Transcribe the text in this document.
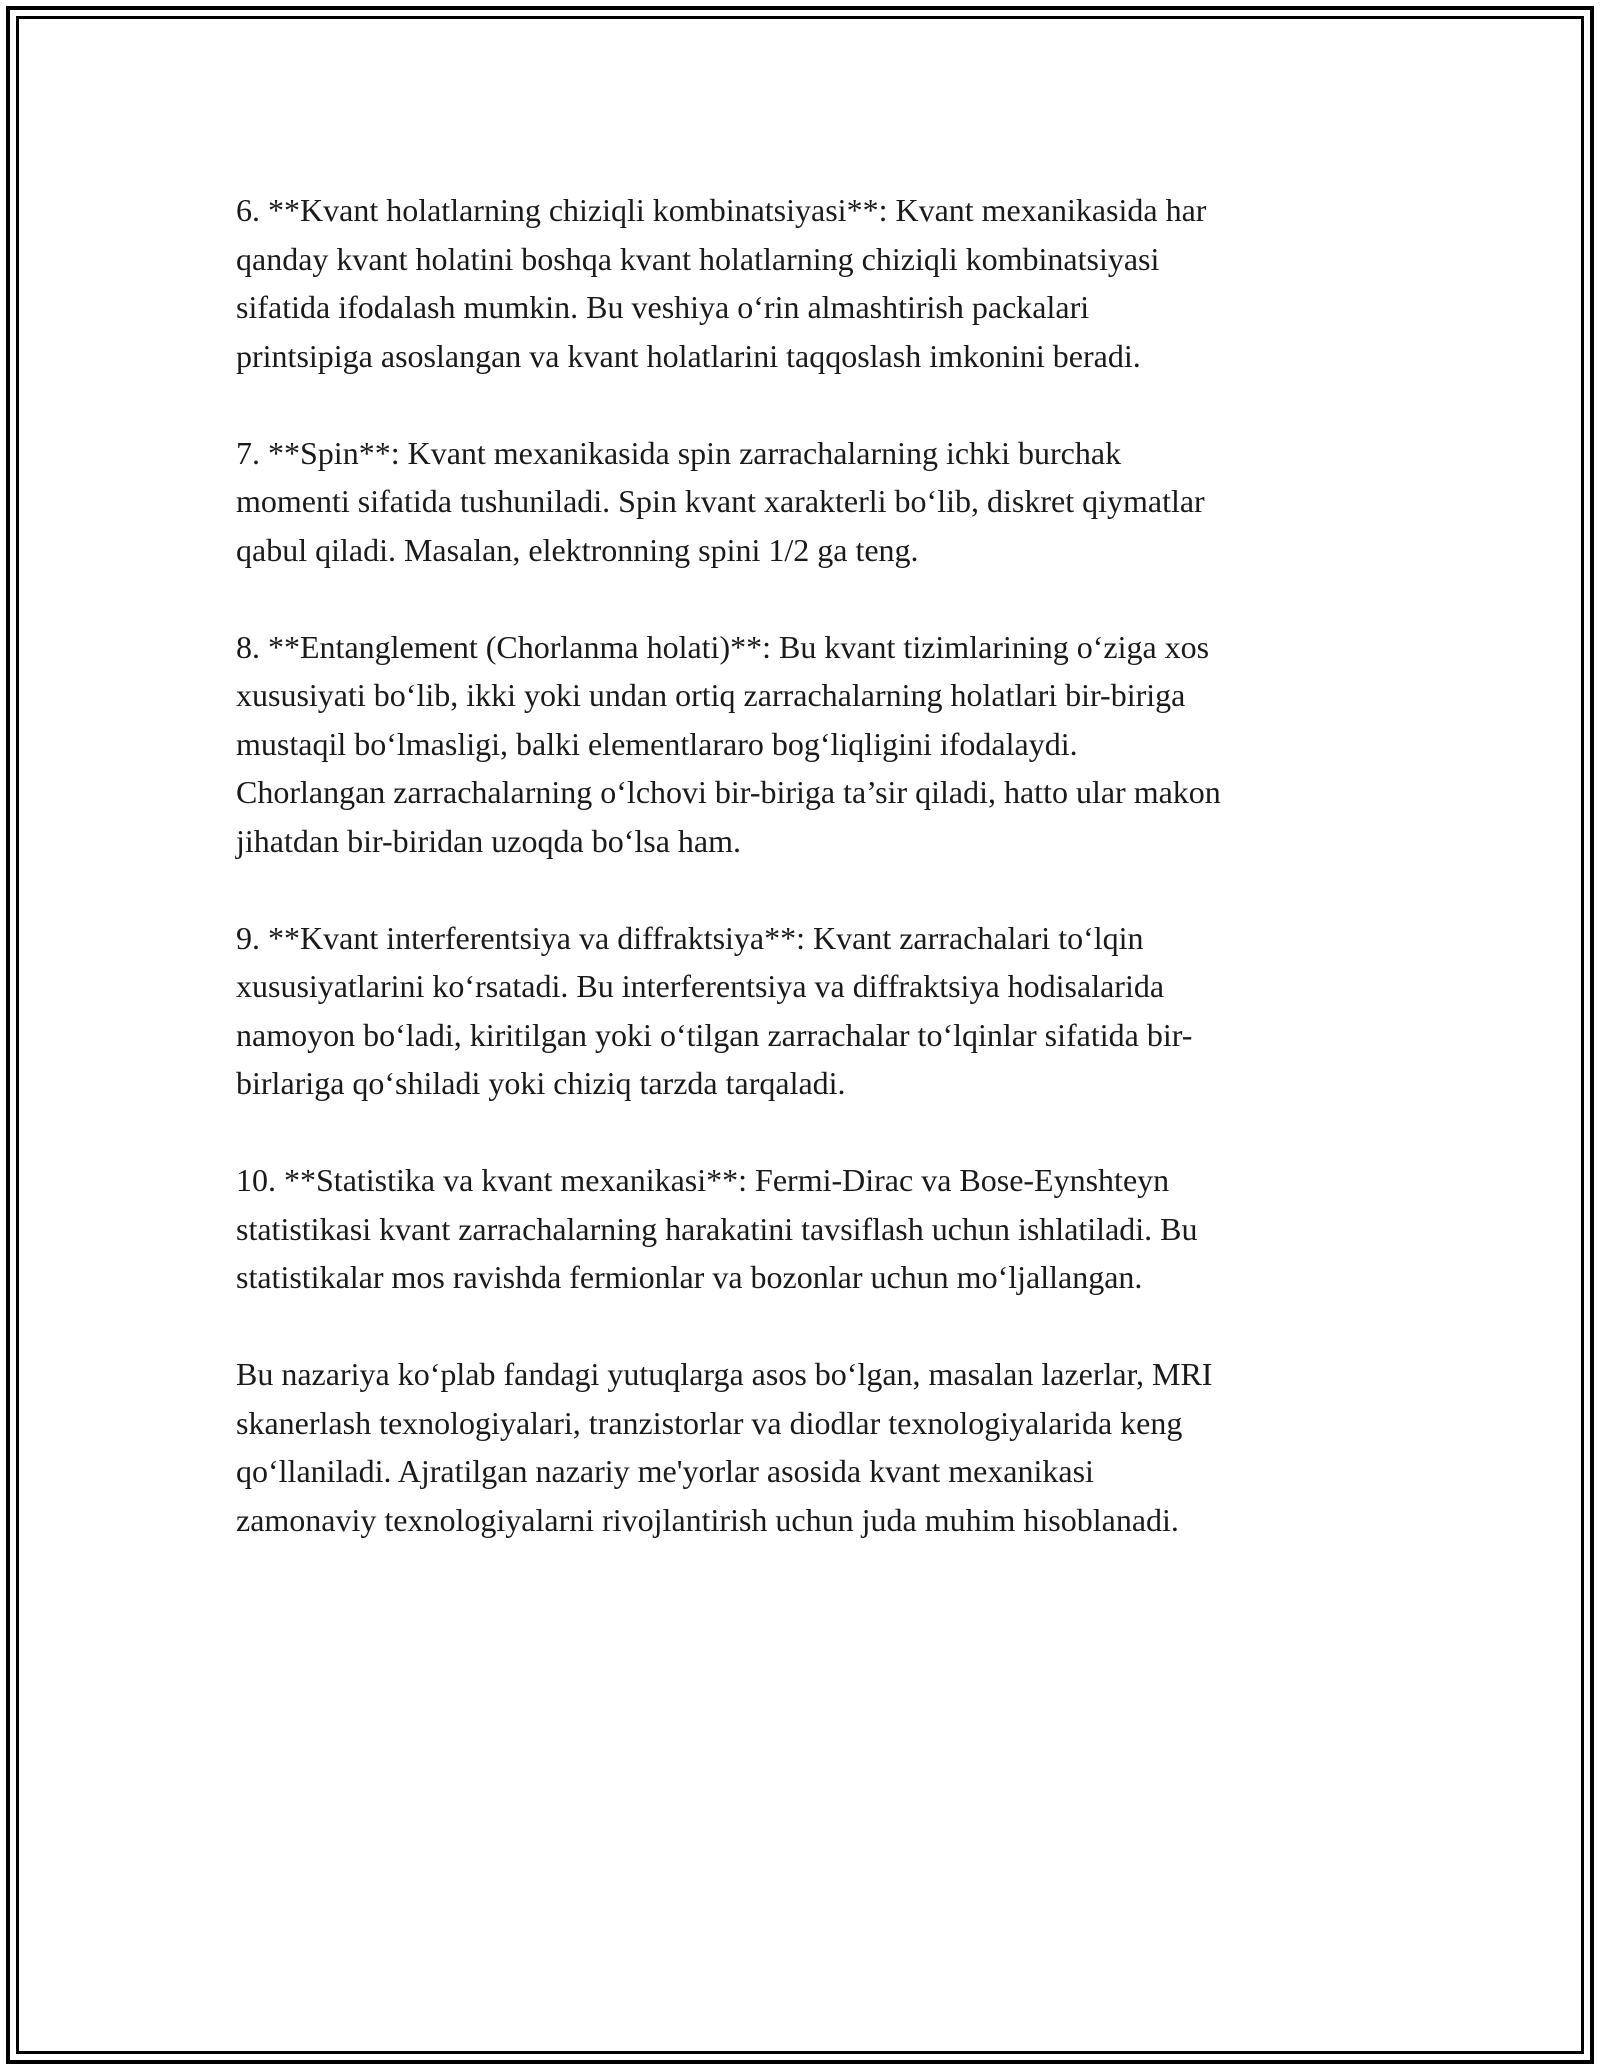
6. **Kvant holatlarning chiziqli kombinatsiyasi**: Kvant mexanikasida har
qanday kvant holatini boshqa kvant holatlarning chiziqli kombinatsiyasi
sifatida ifodalash mumkin. Bu veshiya o‘rin almashtirish packalari
printsipiga asoslangan va kvant holatlarini taqqoslash imkonini beradi.

7. **Spin**: Kvant mexanikasida spin zarrachalarning ichki burchak
momenti sifatida tushuniladi. Spin kvant xarakterli bo‘lib, diskret qiymatlar
qabul qiladi. Masalan, elektronning spini 1/2 ga teng.

8. **Entanglement (Chorlanma holati)**: Bu kvant tizimlarining o‘ziga xos
xususiyati bo‘lib, ikki yoki undan ortiq zarrachalarning holatlari bir-biriga
mustaqil bo‘lmasligi, balki elementlararo bog‘liqligini ifodalaydi.
Chorlangan zarrachalarning o‘lchovi bir-biriga ta’sir qiladi, hatto ular makon
jihatdan bir-biridan uzoqda bo‘lsa ham.

9. **Kvant interferentsiya va diffraktsiya**: Kvant zarrachalari to‘lqin
xususiyatlarini ko‘rsatadi. Bu interferentsiya va diffraktsiya hodisalarida
namoyon bo‘ladi, kiritilgan yoki o‘tilgan zarrachalar to‘lqinlar sifatida bir-
birlariga qo‘shiladi yoki chiziq tarzda tarqaladi.

10. **Statistika va kvant mexanikasi**: Fermi-Dirac va Bose-Eynshteyn
statistikasi kvant zarrachalarning harakatini tavsiflash uchun ishlatiladi. Bu
statistikalar mos ravishda fermionlar va bozonlar uchun mo‘ljallangan.

Bu nazariya ko‘plab fandagi yutuqlarga asos bo‘lgan, masalan lazerlar, MRI
skanerlash texnologiyalari, tranzistorlar va diodlar texnologiyalarida keng
qo‘llaniladi. Ajratilgan nazariy me'yorlar asosida kvant mexanikasi
zamonaviy texnologiyalarni rivojlantirish uchun juda muhim hisoblanadi.
